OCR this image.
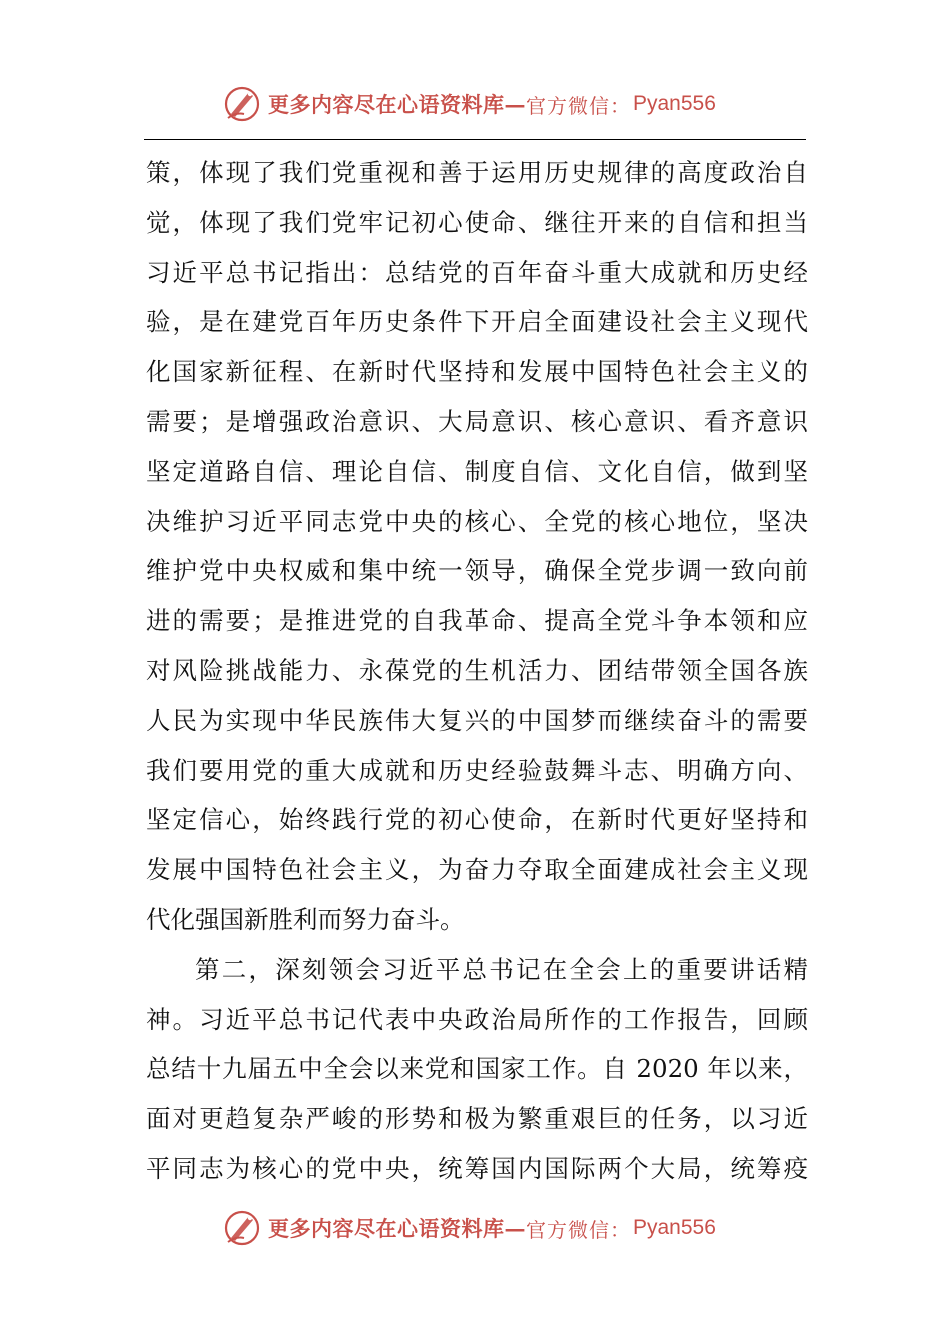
更多内容尽在心语资料库— 官方微信： Pyan556
策，体现了我们党重视和善于运用历史规律的高度政治自
觉，体现了我们党牢记初心使命、继往开来的自信和担当
习近平总书记指出：总结党的百年奋斗重大成就和历史经
验，是在建党百年历史条件下开启全面建设社会主义现代
化国家新征程、在新时代坚持和发展中国特色社会主义的
需要；是增强政治意识、大局意识、核心意识、看齐意识
坚定道路自信、理论自信、制度自信、文化自信，做到坚
决维护习近平同志党中央的核心、全党的核心地位，坚决
维护党中央权威和集中统一领导，确保全党步调一致向前
进的需要；是推进党的自我革命、提高全党斗争本领和应
对风险挑战能力、永葆党的生机活力、团结带领全国各族
人民为实现中华民族伟大复兴的中国梦而继续奋斗的需要
我们要用党的重大成就和历史经验鼓舞斗志、明确方向、
坚定信心，始终践行党的初心使命，在新时代更好坚持和
发展中国特色社会主义，为奋力夺取全面建成社会主义现
代化强国新胜利而努力奋斗。
第二，深刻领会习近平总书记在全会上的重要讲话精
神。习近平总书记代表中央政治局所作的工作报告，回顾
总结十九届五中全会以来党和国家工作。自 2020 年以来，
面对更趋复杂严峻的形势和极为繁重艰巨的任务，以习近
平同志为核心的党中央，统筹国内国际两个大局，统筹疫
更多内容尽在心语资料库— 官方微信： Pyan556
